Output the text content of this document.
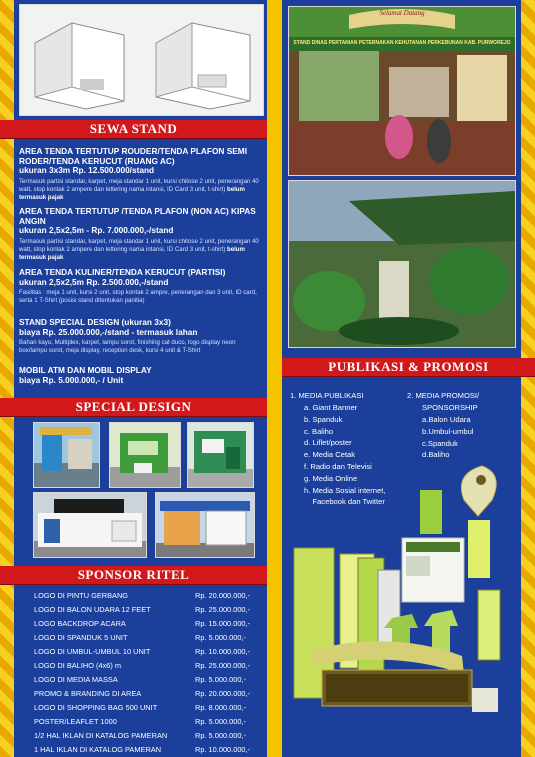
SEWA STAND
AREA TENDA TERTUTUP ROUDER/TENDA PLAFON SEMI RODER/TENDA KERUCUT (RUANG AC)
ukuran 3x3m Rp. 12.500.000/stand
Termasuk partisi standar, karpet, meja standar 1 unit, kursi chitose 2 unit, penerangan 40 watt, stop kontak 2 ampere dan lettering nama intansi, ID Card 3 unit, t-shirt) belum termasuk pajak
AREA TENDA TERTUTUP /TENDA PLAFON (NON AC) KIPAS ANGIN
ukuran 2,5x2,5m - Rp. 7.000.000,-/stand
Termasuk partisi standar, karpet, meja standar 1 unit, kursi chitose 2 unit, penerangan 40 watt, stop kontak 2 ampere dan lettering nama intansi, ID Card 3 unit, t-shirt) belum termasuk pajak
AREA TENDA KULINER/TENDA KERUCUT (PARTISI)
ukuran 2,5x2,5m Rp. 2.500.000,-/stand
Fasilitas : meja 1 unit, kursi 2 unit, stop kontak 2 ampre, penerangan dan 3 unit, ID card, serta 1 T-Shirt (posisi stand ditentukan panitia)
STAND SPECIAL DESIGN (ukuran 3x3)
biaya Rp. 25.000.000,-/stand - termasuk lahan
Bahan kayu, Multiplex, karpet, lampu sorot, finishing cat duco, logo display neon box/lampu sorot, meja display, reception desk, kursi 4 unit & T-Shirt
MOBIL ATM DAN MOBIL DISPLAY
biaya Rp. 5.000.000,- / Unit
SPECIAL DESIGN
SPONSOR RITEL
LOGO DI PINTU GERBANG	Rp. 20.000.000,-
LOGO DI BALON UDARA 12 FEET	Rp. 25.000.000,-
LOGO BACKDROP ACARA	Rp. 15.000.000,-
LOGO DI SPANDUK 5 UNIT	Rp. 5.000.000,-
LOGO DI UMBUL-UMBUL 10 UNIT	Rp. 10.000.000,-
LOGO DI BALIHO (4x6) m	Rp. 25.000.000,-
LOGO DI MEDIA MASSA	Rp. 5.000.000,-
PROMO & BRANDING DI AREA	Rp. 20.000.000,-
LOGO DI SHOPPING BAG 500 UNIT	Rp. 8.000.000,-
POSTER/LEAFLET 1000	Rp. 5.000.000,-
1/2 HAL IKLAN DI KATALOG PAMERAN	Rp. 5.000.000,-
1 HAL IKLAN DI KATALOG PAMERAN	Rp. 10.000.000,-
Selamat Datang
STAND DINAS PERTANIAN PETERNAKAN KEHUTANAN PERKEBUNAN KAB. PURWOREJO
PUBLIKASI & PROMOSI
1. MEDIA PUBLIKASI
a. Giant Banner
b. Spanduk
c. Baliho
d. Liflet/poster
e. Media Cetak
f. Radio dan Televisi
g. Media Online
h. Media Sosial internet,
Facebook dan Twitter
2. MEDIA PROMOSI/
SPONSORSHIP
a.Balon Udara
b.Umbul-umbul
c.Spanduk
d.Baliho
